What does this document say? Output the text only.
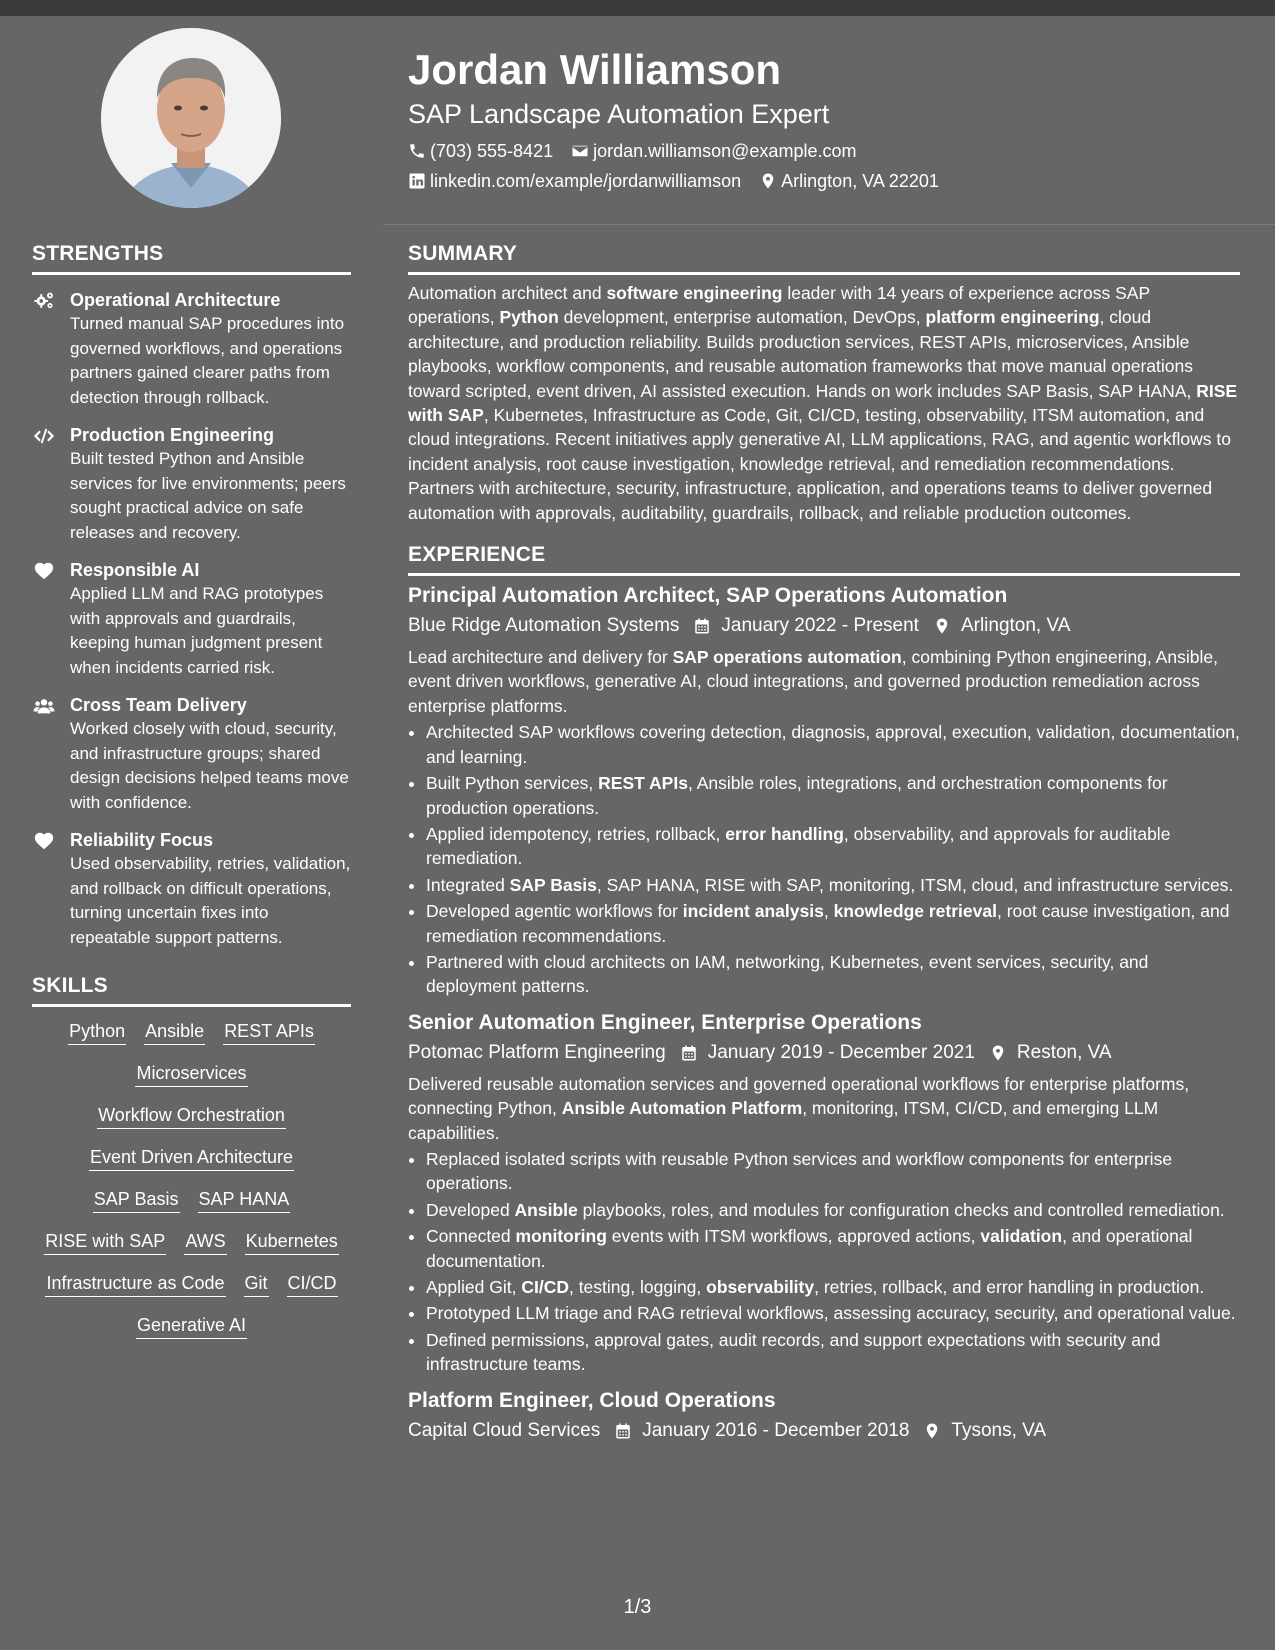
Jordan Williamson
SAP Landscape Automation Expert
(703) 555-8421 jordan.williamson@example.com
linkedin.com/example/jordanwilliamson Arlington, VA 22201
STRENGTHS
Operational Architecture
Turned manual SAP procedures into governed workflows, and operations partners gained clearer paths from detection through rollback.
Production Engineering
Built tested Python and Ansible services for live environments; peers sought practical advice on safe releases and recovery.
Responsible AI
Applied LLM and RAG prototypes with approvals and guardrails, keeping human judgment present when incidents carried risk.
Cross Team Delivery
Worked closely with cloud, security, and infrastructure groups; shared design decisions helped teams move with confidence.
Reliability Focus
Used observability, retries, validation, and rollback on difficult operations, turning uncertain fixes into repeatable support patterns.
SKILLS
Python Ansible REST APIs
Microservices
Workflow Orchestration
Event Driven Architecture
SAP Basis SAP HANA
RISE with SAP AWS Kubernetes
Infrastructure as Code Git CI/CD
Generative AI
SUMMARY
Automation architect and software engineering leader with 14 years of experience across SAP operations, Python development, enterprise automation, DevOps, platform engineering, cloud architecture, and production reliability. Builds production services, REST APIs, microservices, Ansible playbooks, workflow components, and reusable automation frameworks that move manual operations toward scripted, event driven, AI assisted execution. Hands on work includes SAP Basis, SAP HANA, RISE with SAP, Kubernetes, Infrastructure as Code, Git, CI/CD, testing, observability, ITSM automation, and cloud integrations. Recent initiatives apply generative AI, LLM applications, RAG, and agentic workflows to incident analysis, root cause investigation, knowledge retrieval, and remediation recommendations. Partners with architecture, security, infrastructure, application, and operations teams to deliver governed automation with approvals, auditability, guardrails, rollback, and reliable production outcomes.
EXPERIENCE
Principal Automation Architect, SAP Operations Automation
Blue Ridge Automation Systems January 2022 - Present Arlington, VA
Lead architecture and delivery for SAP operations automation, combining Python engineering, Ansible, event driven workflows, generative AI, cloud integrations, and governed production remediation across enterprise platforms.
• Architected SAP workflows covering detection, diagnosis, approval, execution, validation, documentation, and learning.
• Built Python services, REST APIs, Ansible roles, integrations, and orchestration components for production operations.
• Applied idempotency, retries, rollback, error handling, observability, and approvals for auditable remediation.
• Integrated SAP Basis, SAP HANA, RISE with SAP, monitoring, ITSM, cloud, and infrastructure services.
• Developed agentic workflows for incident analysis, knowledge retrieval, root cause investigation, and remediation recommendations.
• Partnered with cloud architects on IAM, networking, Kubernetes, event services, security, and deployment patterns.
Senior Automation Engineer, Enterprise Operations
Potomac Platform Engineering January 2019 - December 2021 Reston, VA
Delivered reusable automation services and governed operational workflows for enterprise platforms, connecting Python, Ansible Automation Platform, monitoring, ITSM, CI/CD, and emerging LLM capabilities.
• Replaced isolated scripts with reusable Python services and workflow components for enterprise operations.
• Developed Ansible playbooks, roles, and modules for configuration checks and controlled remediation.
• Connected monitoring events with ITSM workflows, approved actions, validation, and operational documentation.
• Applied Git, CI/CD, testing, logging, observability, retries, rollback, and error handling in production.
• Prototyped LLM triage and RAG retrieval workflows, assessing accuracy, security, and operational value.
• Defined permissions, approval gates, audit records, and support expectations with security and infrastructure teams.
Platform Engineer, Cloud Operations
Capital Cloud Services January 2016 - December 2018 Tysons, VA
1/3
